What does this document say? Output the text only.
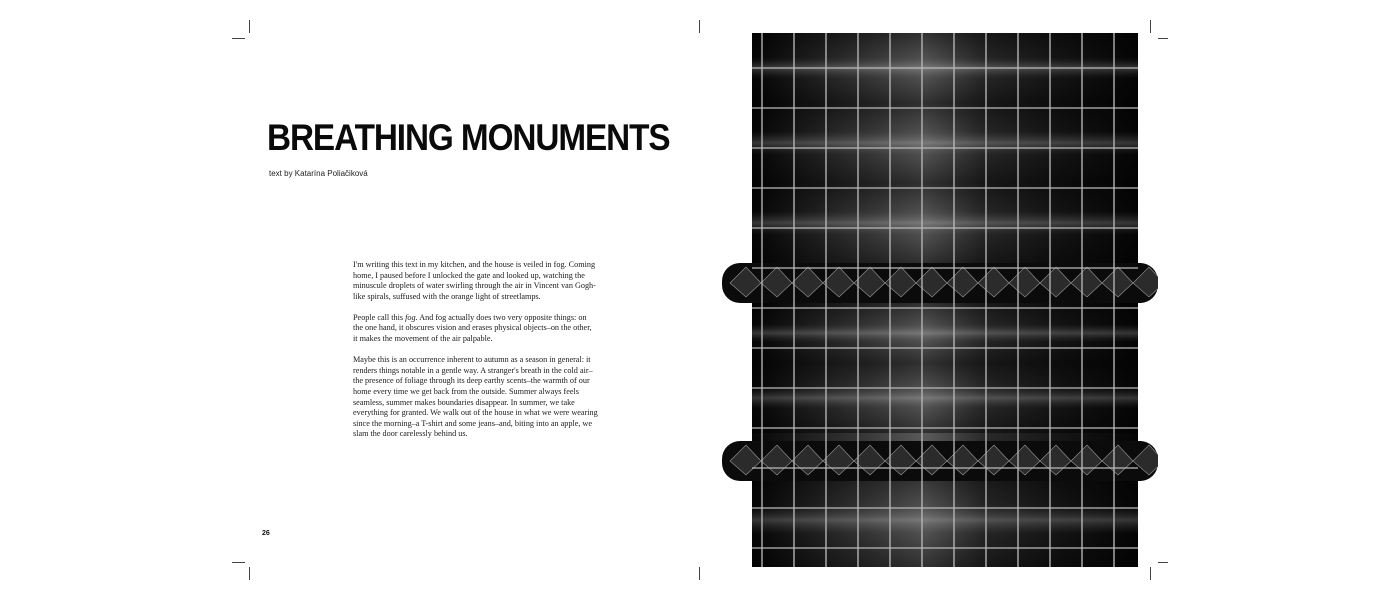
BREATHING MONUMENTS
text by Katarína Poliačiková

I'm writing this text in my kitchen, and the house is veiled in fog. Coming home, I paused before I unlocked the gate and looked up, watching the minuscule droplets of water swirling through the air in Vincent van Gogh-like spirals, suffused with the orange light of streetlamps.

People call this fog. And fog actually does two very opposite things: on the one hand, it obscures vision and erases physical objects–on the other, it makes the movement of the air palpable.

Maybe this is an occurrence inherent to autumn as a season in general: it renders things notable in a gentle way. A stranger's breath in the cold air–the presence of foliage through its deep earthy scents–the warmth of our home every time we get back from the outside. Summer always feels seamless, summer makes boundaries disappear. In summer, we take everything for granted. We walk out of the house in what we were wearing since the morning–a T-shirt and some jeans–and, biting into an apple, we slam the door carelessly behind us.

26
